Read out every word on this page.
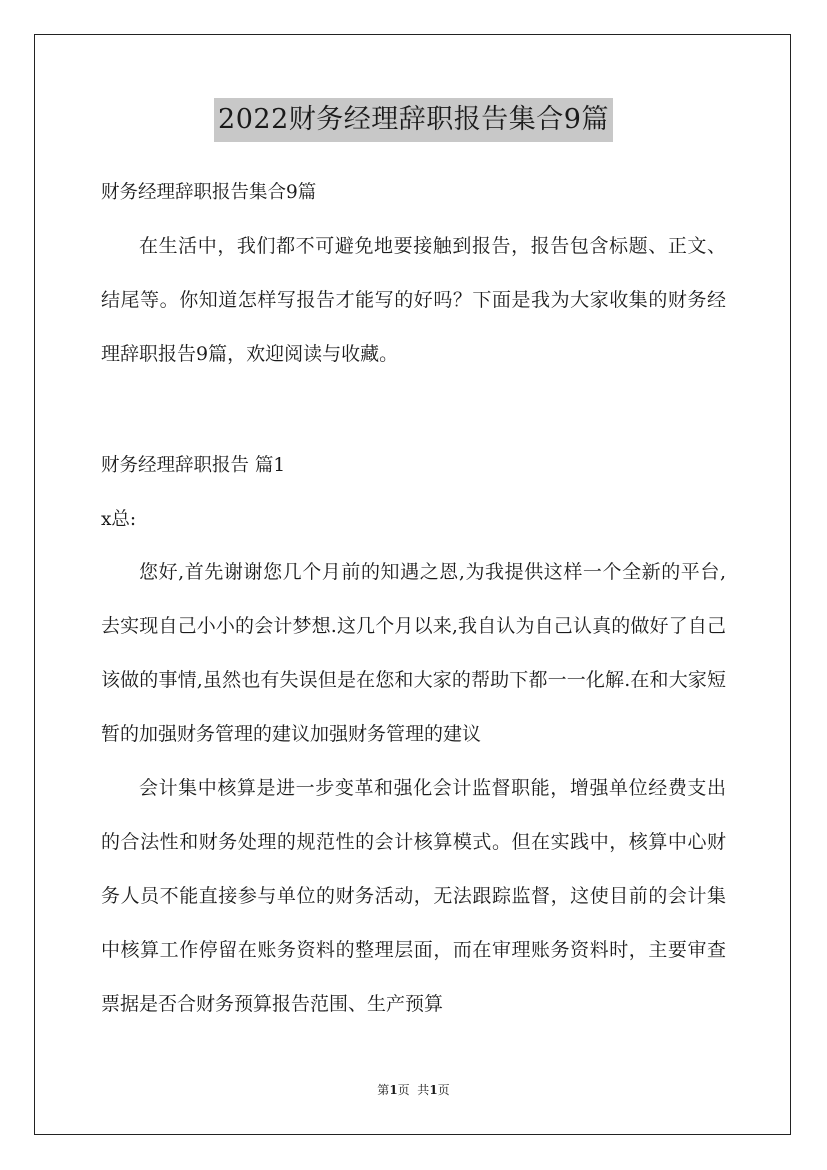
2022财务经理辞职报告集合9篇
财务经理辞职报告集合9篇

在生活中，我们都不可避免地要接触到报告，报告包含标题、正文、结尾等。你知道怎样写报告才能写的好吗？下面是我为大家收集的财务经理辞职报告9篇，欢迎阅读与收藏。

财务经理辞职报告 篇1
x总:

您好,首先谢谢您几个月前的知遇之恩,为我提供这样一个全新的平台,去实现自己小小的会计梦想.这几个月以来,我自认为自己认真的做好了自己该做的事情,虽然也有失误但是在您和大家的帮助下都一一化解.在和大家短暂的加强财务管理的建议加强财务管理的建议

会计集中核算是进一步变革和强化会计监督职能，增强单位经费支出的合法性和财务处理的规范性的会计核算模式。但在实践中，核算中心财务人员不能直接参与单位的财务活动，无法跟踪监督，这使目前的会计集中核算工作停留在账务资料的整理层面，而在审理账务资料时，主要审查票据是否合财务预算报告范围、生产预算

第1页  共1页
